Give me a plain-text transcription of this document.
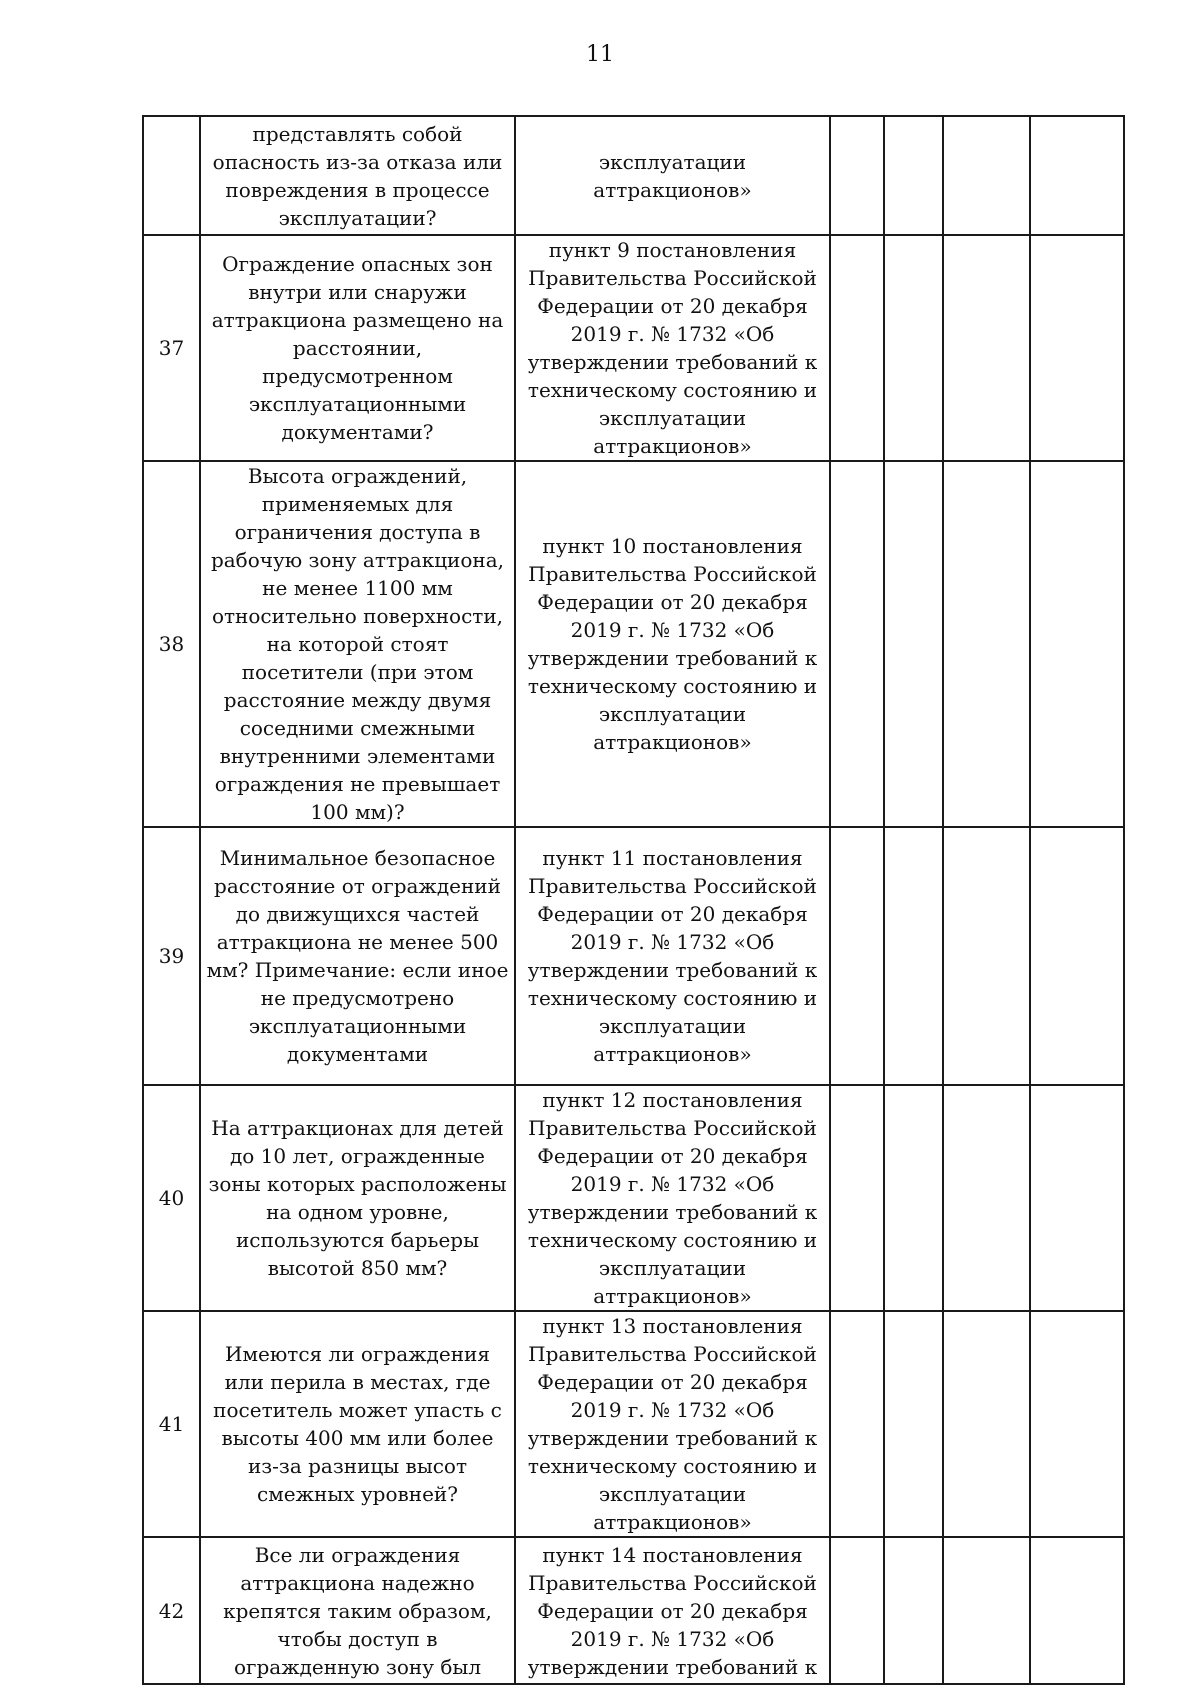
11
	представлять собой опасность из-за отказа или повреждения в процессе эксплуатации?	эксплуатации аттракционов»				
37	Ограждение опасных зон внутри или снаружи аттракциона размещено на расстоянии, предусмотренном эксплуатационными документами?	пункт 9 постановления Правительства Российской Федерации от 20 декабря 2019 г. № 1732 «Об утверждении требований к техническому состоянию и эксплуатации аттракционов»				
38	Высота ограждений, применяемых для ограничения доступа в рабочую зону аттракциона, не менее 1100 мм относительно поверхности, на которой стоят посетители (при этом расстояние между двумя соседними смежными внутренними элементами ограждения не превышает 100 мм)?	пункт 10 постановления Правительства Российской Федерации от 20 декабря 2019 г. № 1732 «Об утверждении требований к техническому состоянию и эксплуатации аттракционов»				
39	Минимальное безопасное расстояние от ограждений до движущихся частей аттракциона не менее 500 мм? Примечание: если иное не предусмотрено эксплуатационными документами	пункт 11 постановления Правительства Российской Федерации от 20 декабря 2019 г. № 1732 «Об утверждении требований к техническому состоянию и эксплуатации аттракционов»				
40	На аттракционах для детей до 10 лет, огражденные зоны которых расположены на одном уровне, используются барьеры высотой 850 мм?	пункт 12 постановления Правительства Российской Федерации от 20 декабря 2019 г. № 1732 «Об утверждении требований к техническому состоянию и эксплуатации аттракционов»				
41	Имеются ли ограждения или перила в местах, где посетитель может упасть с высоты 400 мм или более из-за разницы высот смежных уровней?	пункт 13 постановления Правительства Российской Федерации от 20 декабря 2019 г. № 1732 «Об утверждении требований к техническому состоянию и эксплуатации аттракционов»				
42	Все ли ограждения аттракциона надежно крепятся таким образом, чтобы доступ в огражденную зону был	пункт 14 постановления Правительства Российской Федерации от 20 декабря 2019 г. № 1732 «Об утверждении требований к				
